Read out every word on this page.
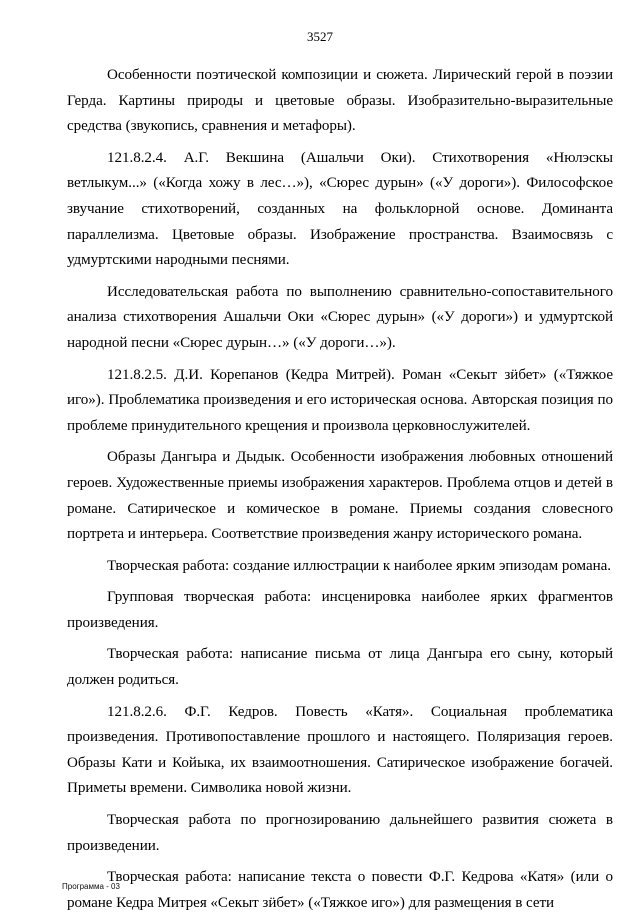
3527

Особенности поэтической композиции и сюжета. Лирический герой в поэзии Герда. Картины природы и цветовые образы. Изобразительно-выразительные средства (звукопись, сравнения и метафоры).

121.8.2.4. А.Г. Векшина (Ашальчи Оки). Стихотворения «Нюлэскы ветлыкум...» («Когда хожу в лес…»), «Сюрес дурын» («У дороги»). Философское звучание стихотворений, созданных на фольклорной основе. Доминанта параллелизма. Цветовые образы. Изображение пространства. Взаимосвязь с удмуртскими народными песнями.

Исследовательская работа по выполнению сравнительно-сопоставительного анализа стихотворения Ашальчи Оки «Сюрес дурын» («У дороги») и удмуртской народной песни «Сюрес дурын…» («У дороги…»).

121.8.2.5. Д.И. Корепанов (Кедра Митрей). Роман «Секыт зӥбет» («Тяжкое иго»). Проблематика произведения и его историческая основа. Авторская позиция по проблеме принудительного крещения и произвола церковнослужителей.

Образы Дангыра и Дыдык. Особенности изображения любовных отношений героев. Художественные приемы изображения характеров. Проблема отцов и детей в романе. Сатирическое и комическое в романе. Приемы создания словесного портрета и интерьера. Соответствие произведения жанру исторического романа.

Творческая работа: создание иллюстрации к наиболее ярким эпизодам романа.

Групповая творческая работа: инсценировка наиболее ярких фрагментов произведения.

Творческая работа: написание письма от лица Дангыра его сыну, который должен родиться.

121.8.2.6. Ф.Г. Кедров. Повесть «Катя». Социальная проблематика произведения. Противопоставление прошлого и настоящего. Поляризация героев. Образы Кати и Койыка, их взаимоотношения. Сатирическое изображение богачей. Приметы времени. Символика новой жизни.

Творческая работа по прогнозированию дальнейшего развития сюжета в произведении.

Творческая работа: написание текста о повести Ф.Г. Кедрова «Катя» (или о романе Кедра Митрея «Секыт зӥбет» («Тяжкое иго») для размещения в сети

Программа - 03
